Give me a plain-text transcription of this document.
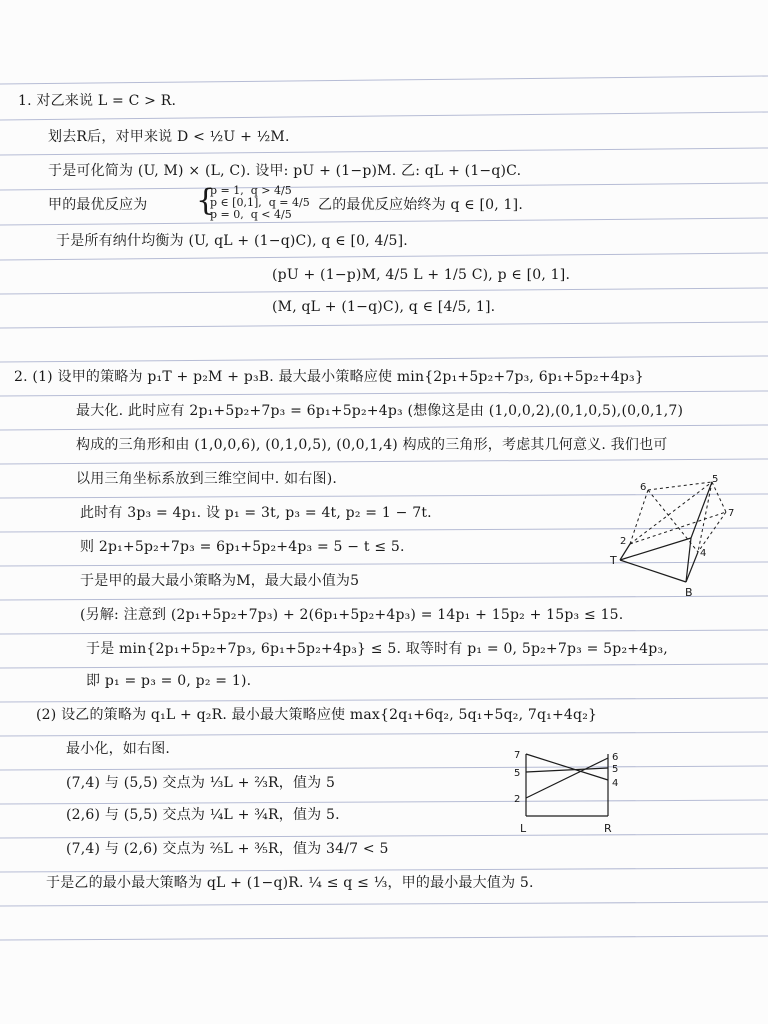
1. 对乙来说 L = C > R.
划去R后，对甲来说 D < ½U + ½M.
于是可化简为 (U, M) × (L, C). 设甲: pU + (1−p)M. 乙: qL + (1−q)C.
甲的最优反应为 {
p = 1,  q > 4/5
p ∈ [0,1],  q = 4/5
p = 0,  q < 4/5
乙的最优反应始终为 q ∈ [0, 1].
于是所有纳什均衡为 (U, qL + (1−q)C), q ∈ [0, 4/5].
(pU + (1−p)M, 4/5 L + 1/5 C), p ∈ [0, 1].
(M, qL + (1−q)C), q ∈ [4/5, 1].
2. (1) 设甲的策略为 p₁T + p₂M + p₃B. 最大最小策略应使 min{2p₁+5p₂+7p₃, 6p₁+5p₂+4p₃}
最大化. 此时应有 2p₁+5p₂+7p₃ = 6p₁+5p₂+4p₃ (想像这是由 (1,0,0,2),(0,1,0,5),(0,0,1,7)
构成的三角形和由 (1,0,0,6), (0,1,0,5), (0,0,1,4) 构成的三角形，考虑其几何意义. 我们也可
以用三角坐标系放到三维空间中. 如右图).
此时有 3p₃ = 4p₁. 设 p₁ = 3t, p₃ = 4t, p₂ = 1 − 7t.
则 2p₁+5p₂+7p₃ = 6p₁+5p₂+4p₃ = 5 − t ≤ 5.
于是甲的最大最小策略为M，最大最小值为5
(另解: 注意到 (2p₁+5p₂+7p₃) + 2(6p₁+5p₂+4p₃) = 14p₁ + 15p₂ + 15p₃ ≤ 15.
于是 min{2p₁+5p₂+7p₃, 6p₁+5p₂+4p₃} ≤ 5. 取等时有 p₁ = 0, 5p₂+7p₃ = 5p₂+4p₃,
即 p₁ = p₃ = 0, p₂ = 1).
T
B
6
5
7
2
4
(2) 设乙的策略为 q₁L + q₂R. 最小最大策略应使 max{2q₁+6q₂, 5q₁+5q₂, 7q₁+4q₂}
最小化，如右图.
(7,4) 与 (5,5) 交点为 ⅓L + ⅔R，值为 5
(2,6) 与 (5,5) 交点为 ¼L + ¾R，值为 5.
(7,4) 与 (2,6) 交点为 ⅖L + ⅗R，值为 34/7 < 5
于是乙的最小最大策略为 qL + (1−q)R. ¼ ≤ q ≤ ⅓，甲的最小最大值为 5.
7
5
2
6
5
4
L	R
